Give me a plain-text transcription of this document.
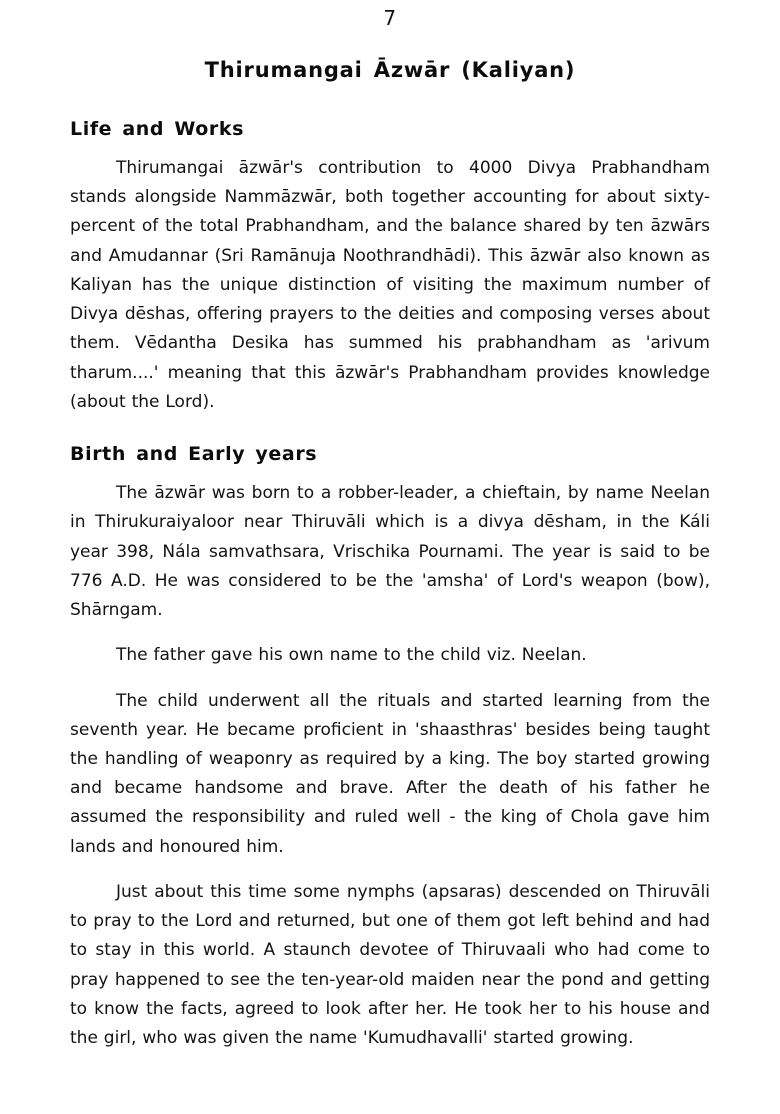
7
Thirumangai Āzwār (Kaliyan)
Life and Works

Thirumangai āzwār's contribution to 4000 Divya Prabhandham stands alongside Nammāzwār, both together accounting for about sixty-percent of the total Prabhandham, and the balance shared by ten āzwārs and Amudannar (Sri Ramānuja Noothrandhādi). This āzwār also known as Kaliyan has the unique distinction of visiting the maximum number of Divya dēshas, offering prayers to the deities and composing verses about them. Vēdantha Desika has summed his prabhandham as 'arivum tharum....' meaning that this āzwār's Prabhandham provides knowledge (about the Lord).

Birth and Early years

The āzwār was born to a robber-leader, a chieftain, by name Neelan in Thirukuraiyaloor near Thiruvāli which is a divya dēsham, in the Káli year 398, Nála samvathsara, Vrischika Pournami. The year is said to be 776 A.D. He was considered to be the 'amsha' of Lord's weapon (bow), Shārngam.

The father gave his own name to the child viz. Neelan.

The child underwent all the rituals and started learning from the seventh year. He became proficient in 'shaasthras' besides being taught the handling of weaponry as required by a king. The boy started growing and became handsome and brave. After the death of his father he assumed the responsibility and ruled well - the king of Chola gave him lands and honoured him.

Just about this time some nymphs (apsaras) descended on Thiruvāli to pray to the Lord and returned, but one of them got left behind and had to stay in this world. A staunch devotee of Thiruvaali who had come to pray happened to see the ten-year-old maiden near the pond and getting to know the facts, agreed to look after her. He took her to his house and the girl, who was given the name 'Kumudhavalli' started growing.
